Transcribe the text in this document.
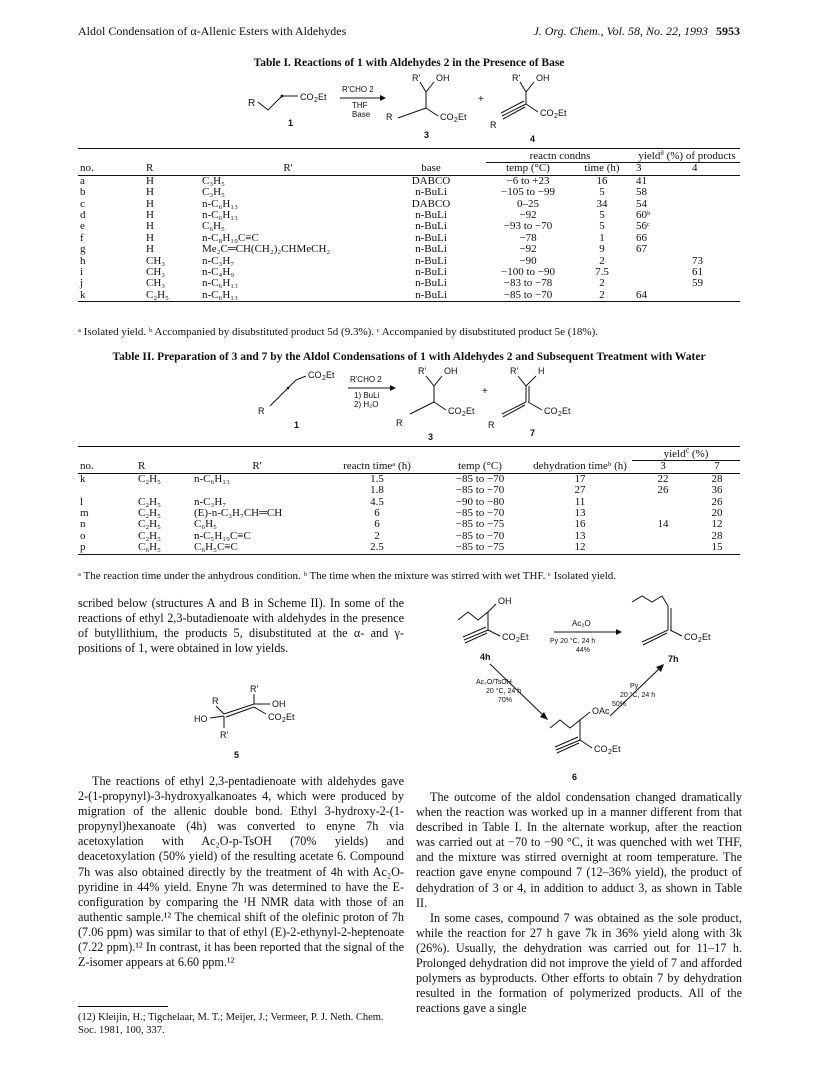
Aldol Condensation of α-Allenic Esters with Aldehydes	J. Org. Chem., Vol. 58, No. 22, 1993 5953
Table I. Reactions of 1 with Aldehydes 2 in the Presence of Base
R
CO 2 Et
1
R'CHO 2
THF
Base
R' OH
CO 2 Et
R
3
+
R' OH
CO 2 Et
R
4
				reactn condns		yield$^a$ (%) of products	
no.	R	R'	base	temp (°C)	time (h)	3	4
a	H	C₃H₅	DABCO	−6 to +23	16	41	
b	H	C₃H₅	n-BuLi	−105 to −99	5	58	
c	H	n-C₆H₁₃	DABCO	0–25	34	54	
d	H	n-C₆H₁₃	n-BuLi	−92	5	60ᵇ	
e	H	C₆H₅	n-BuLi	−93 to −70	5	56ᶜ	
f	H	n-C₈H₁₉C≡C	n-BuLi	−78	1	66	
g	H	Me₂C═CH(CH₂)₂CHMeCH₂	n-BuLi	−92	9	67	
h	CH₃	n-C₃H₇	n-BuLi	−90	2		73
i	CH₃	n-C₄H₉	n-BuLi	−100 to −90	7.5		61
j	CH₃	n-C₆H₁₃	n-BuLi	−83 to −78	2		59
k	C₂H₅	n-C₆H₁₃	n-BuLi	−85 to −70	2	64	
ᵃ Isolated yield. ᵇ Accompanied by disubstituted product 5d (9.3%). ᶜ Accompanied by disubstituted product 5e (18%).
Table II. Preparation of 3 and 7 by the Aldol Condensations of 1 with Aldehydes 2 and Subsequent Treatment with Water
CO 2 Et
R
1
R'CHO 2
1) BuLi
2) H₂O
R' OH
CO 2 Et
R
3
+
R' H
CO 2 Et
R
7
						yield$^c$ (%)	
no.	R	R'	reactn timeᵃ (h)	temp (°C)	dehydration timeᵇ (h)	3	7
k	C₂H₅	n-C₆H₁₃	1.5	−85 to −70	17	22	28
			1.8	−85 to −70	27	26	36
l	C₂H₅	n-C₃H₇	4.5	−90 to −80	11		26
m	C₂H₅	(E)-n-C₃H₇CH═CH	6	−85 to −70	13		20
n	C₂H₅	C₆H₅	6	−85 to −75	16	14	12
o	C₂H₅	n-C₅H₁₉C≡C	2	−85 to −70	13		28
p	C₆H₅	C₆H₅C≡C	2.5	−85 to −75	12		15
ᵃ The reaction time under the anhydrous condition. ᵇ The time when the mixture was stirred with wet THF. ᶜ Isolated yield.

scribed below (structures A and B in Scheme II). In some of the reactions of ethyl 2,3-butadienoate with aldehydes in the presence of butyllithium, the products 5, disubstituted at the α- and γ-positions of 1, were obtained in low yields.

R'
R	OH
HO
R'
CO 2 Et
5

The reactions of ethyl 2,3-pentadienoate with aldehydes gave 2-(1-propynyl)-3-hydroxyalkanoates 4, which were produced by migration of the allenic double bond. Ethyl 3-hydroxy-2-(1-propynyl)hexanoate (4h) was converted to enyne 7h via acetoxylation with Ac₂O-p-TsOH (70% yields) and deacetoxylation (50% yield) of the resulting acetate 6. Compound 7h was also obtained directly by the treatment of 4h with Ac₂O-pyridine in 44% yield. Enyne 7h was determined to have the E-configuration by comparing the ¹H NMR data with those of an authentic sample.¹² The chemical shift of the olefinic proton of 7h (7.06 ppm) was similar to that of ethyl (E)-2-ethynyl-2-heptenoate (7.22 ppm).¹² In contrast, it has been reported that the signal of the Z-isomer appears at 6.60 ppm.¹²

(12) Kleijin, H.; Tigchelaar, M. T.; Meijer, J.; Vermeer, P. J. Neth. Chem. Soc. 1981, 100, 337.
OH
CO 2 Et
4h
Ac₂O
Py 20 °C, 24 h
44%
CO 2 Et
7h
Ac₂O/TsOH
20 °C, 24 h
70%
Py
20 °C, 24 h
50%
OAc
CO 2 Et
6

The outcome of the aldol condensation changed dramatically when the reaction was worked up in a manner different from that described in Table I. In the alternate workup, after the reaction was carried out at −70 to −90 °C, it was quenched with wet THF, and the mixture was stirred overnight at room temperature. The reaction gave enyne compound 7 (12–36% yield), the product of dehydration of 3 or 4, in addition to adduct 3, as shown in Table II.

In some cases, compound 7 was obtained as the sole product, while the reaction for 27 h gave 7k in 36% yield along with 3k (26%). Usually, the dehydration was carried out for 11–17 h. Prolonged dehydration did not improve the yield of 7 and afforded polymers as byproducts. Other efforts to obtain 7 by dehydration resulted in the formation of polymerized products. All of the reactions gave a single
